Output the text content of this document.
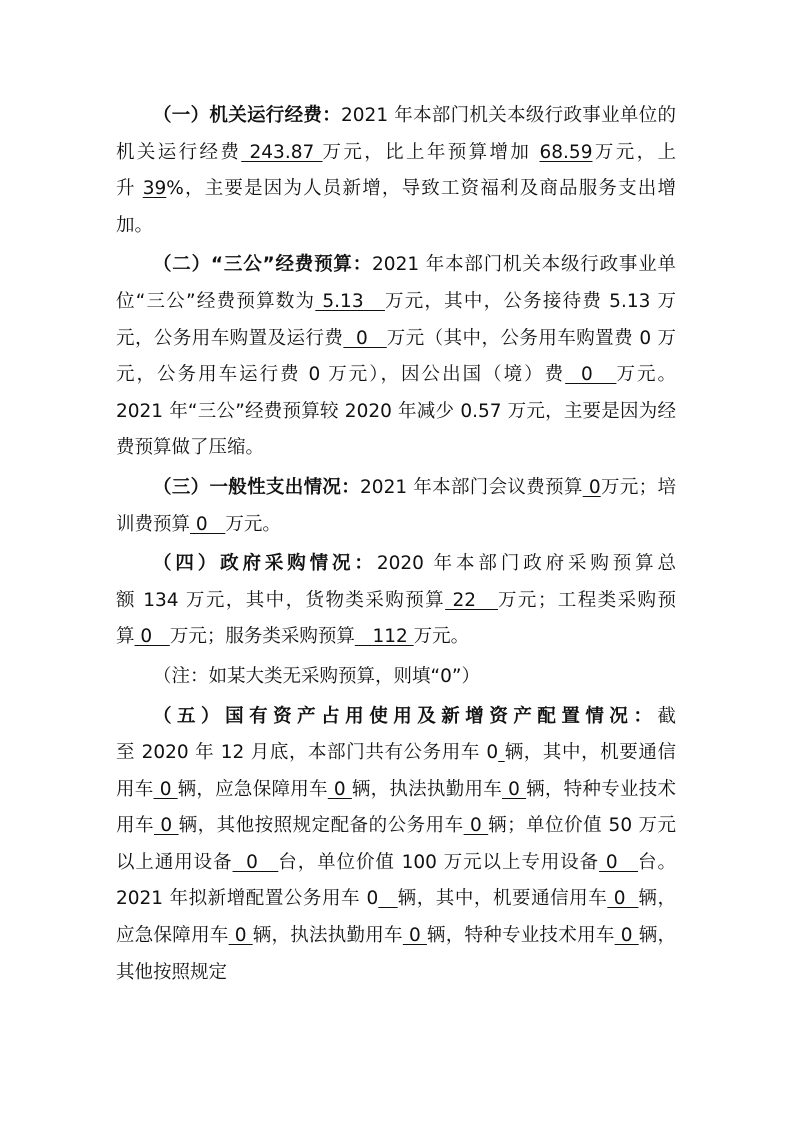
（一）机关运行经费：2021 年本部门机关本级行政事业单位的机关运行经费 243.87 万元，比上年预算增加 68.59万元，上升 39%，主要是因为人员新增，导致工资福利及商品服务支出增加。

（二）“三公”经费预算：2021 年本部门机关本级行政事业单位“三公”经费预算数为 5.13   万元，其中，公务接待费 5.13 万元，公务用车购置及运行费  0   万元（其中，公务用车购置费 0 万元，公务用车运行费 0 万元），因公出国（境）费  0   万元。2021 年“三公”经费预算较 2020 年减少 0.57 万元，主要是因为经费预算做了压缩。

（三）一般性支出情况：2021 年本部门会议费预算 0万元；培训费预算 0   万元。

（四）政府采购情况：2020 年本部门政府采购预算总额 134 万元，其中，货物类采购预算 22   万元；工程类采购预算 0   万元；服务类采购预算   112 万元。

（注：如某大类无采购预算，则填“0”）

（五）国有资产占用使用及新增资产配置情况：截至 2020 年 12 月底，本部门共有公务用车 0 辆，其中，机要通信用车 0 辆，应急保障用车 0 辆，执法执勤用车 0 辆，特种专业技术用车 0 辆，其他按照规定配备的公务用车 0 辆；单位价值 50 万元以上通用设备  0   台，单位价值 100 万元以上专用设备 0   台。2021 年拟新增配置公务用车 0 辆，其中，机要通信用车 0  辆，应急保障用车 0 辆，执法执勤用车 0 辆，特种专业技术用车 0 辆，其他按照规定
